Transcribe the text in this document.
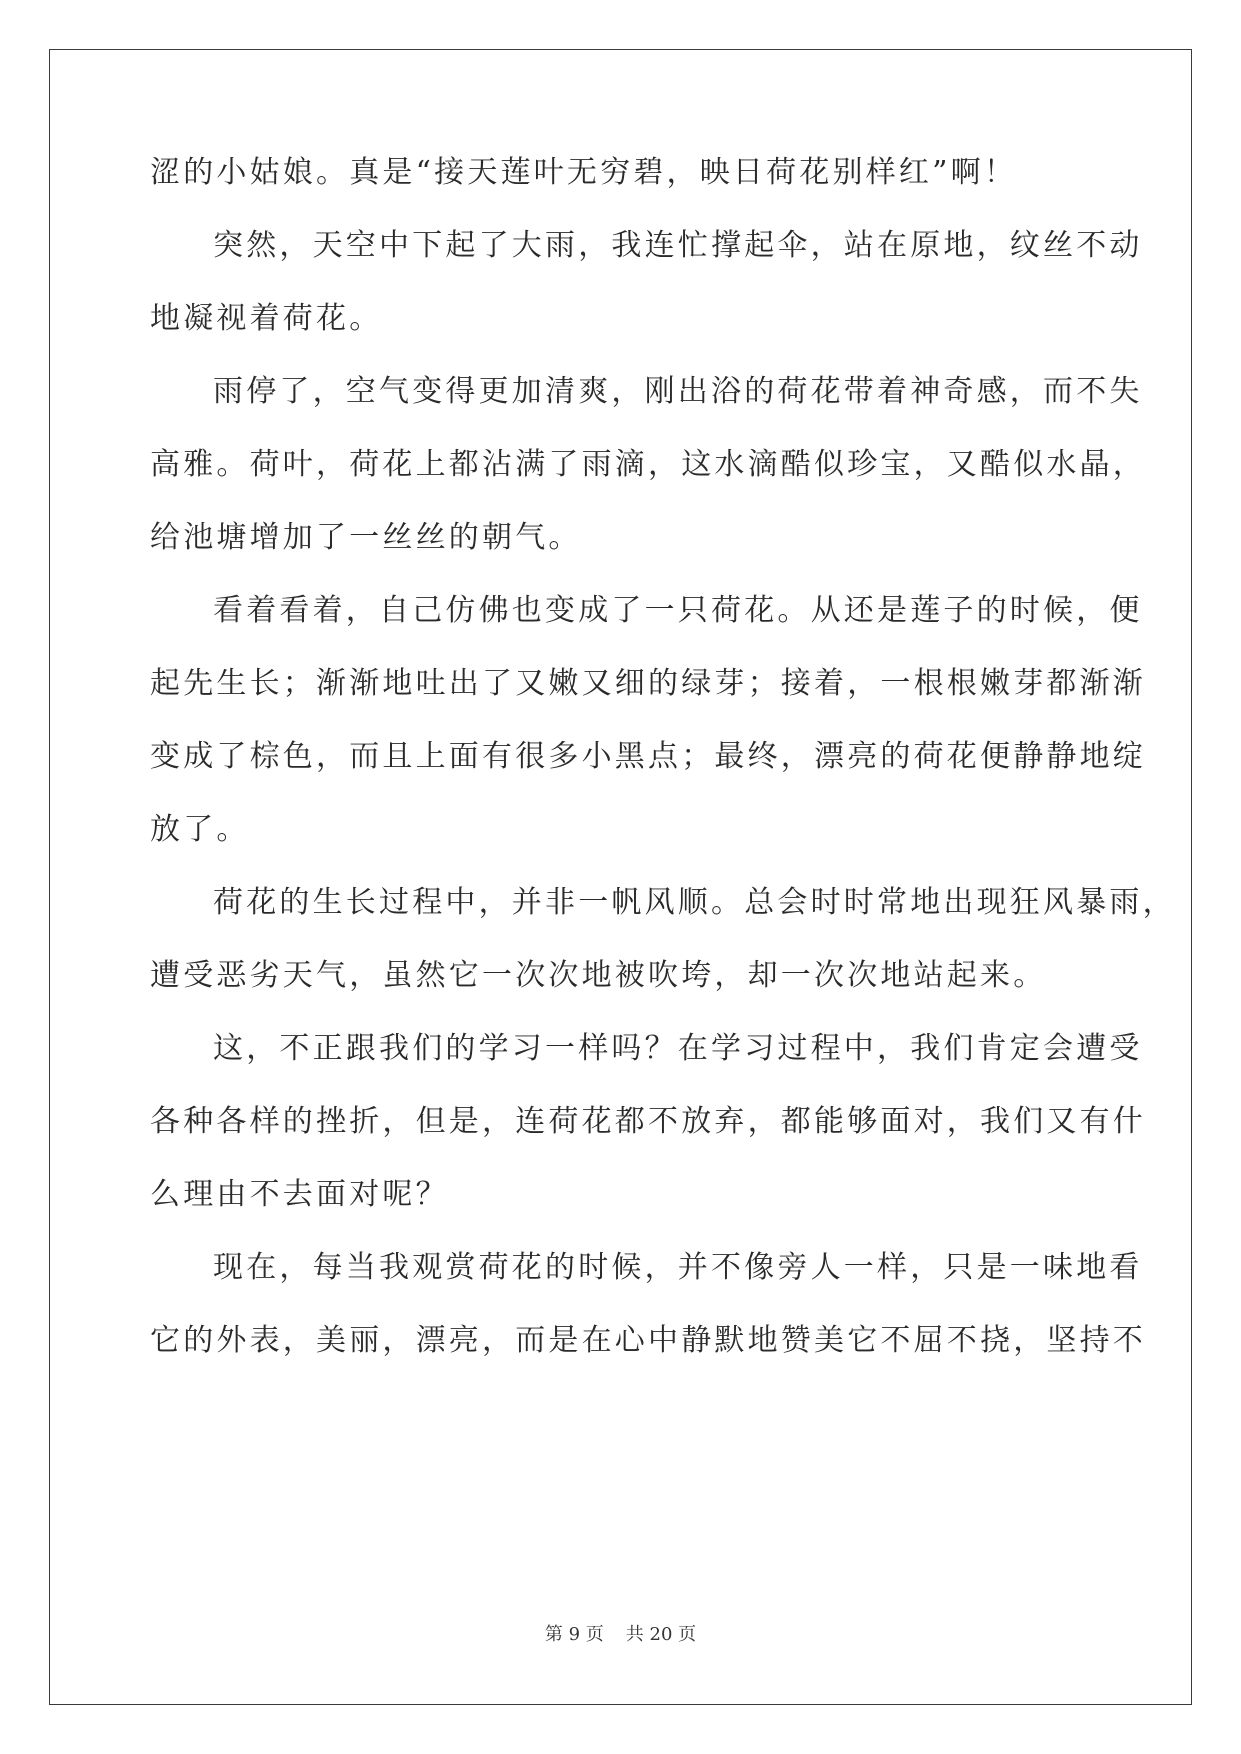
涩的小姑娘。真是“接天莲叶无穷碧，映日荷花别样红”啊！
突然，天空中下起了大雨，我连忙撑起伞，站在原地，纹丝不动
地凝视着荷花。
雨停了，空气变得更加清爽，刚出浴的荷花带着神奇感，而不失
高雅。荷叶，荷花上都沾满了雨滴，这水滴酷似珍宝，又酷似水晶，
给池塘增加了一丝丝的朝气。
看着看着，自己仿佛也变成了一只荷花。从还是莲子的时候，便
起先生长；渐渐地吐出了又嫩又细的绿芽；接着，一根根嫩芽都渐渐
变成了棕色，而且上面有很多小黑点；最终，漂亮的荷花便静静地绽
放了。
荷花的生长过程中，并非一帆风顺。总会时时常地出现狂风暴雨，
遭受恶劣天气，虽然它一次次地被吹垮，却一次次地站起来。
这，不正跟我们的学习一样吗？在学习过程中，我们肯定会遭受
各种各样的挫折，但是，连荷花都不放弃，都能够面对，我们又有什
么理由不去面对呢？
现在，每当我观赏荷花的时候，并不像旁人一样，只是一味地看
它的外表，美丽，漂亮，而是在心中静默地赞美它不屈不挠，坚持不
第 9 页 共 20 页
